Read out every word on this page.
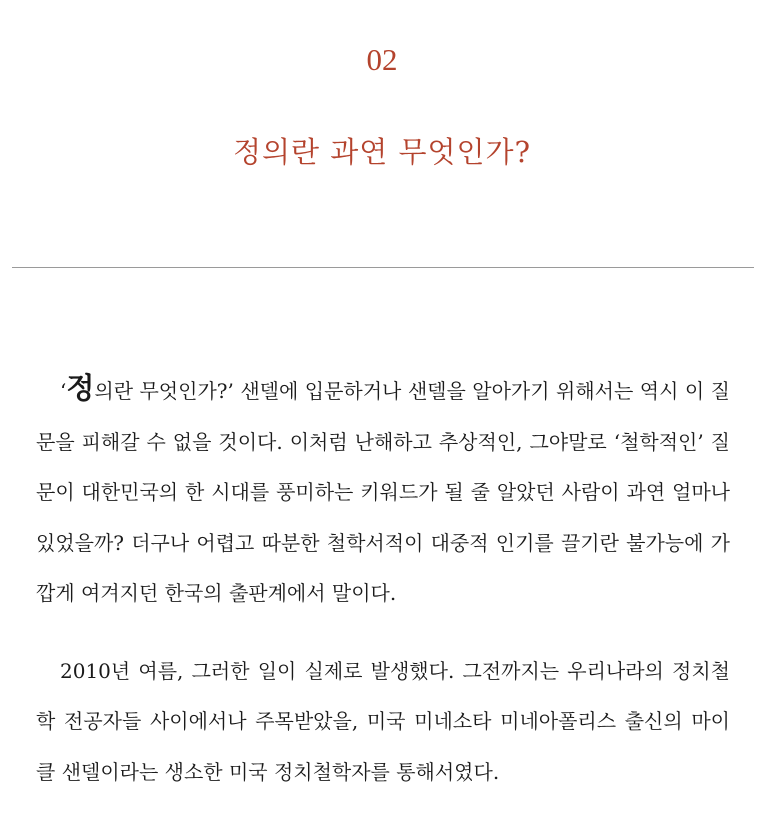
02
정의란 과연 무엇인가?

‘정의란 무엇인가?’ 샌델에 입문하거나 샌델을 알아가기 위해서는 역시 이 질문을 피해갈 수 없을 것이다. 이처럼 난해하고 추상적인, 그야말로 ‘철학적인’ 질문이 대한민국의 한 시대를 풍미하는 키워드가 될 줄 알았던 사람이 과연 얼마나 있었을까? 더구나 어렵고 따분한 철학서적이 대중적 인기를 끌기란 불가능에 가깝게 여겨지던 한국의 출판계에서 말이다.

2010년 여름, 그러한 일이 실제로 발생했다. 그전까지는 우리나라의 정치철학 전공자들 사이에서나 주목받았을, 미국 미네소타 미네아폴리스 출신의 마이클 샌델이라는 생소한 미국 정치철학자를 통해서였다.
